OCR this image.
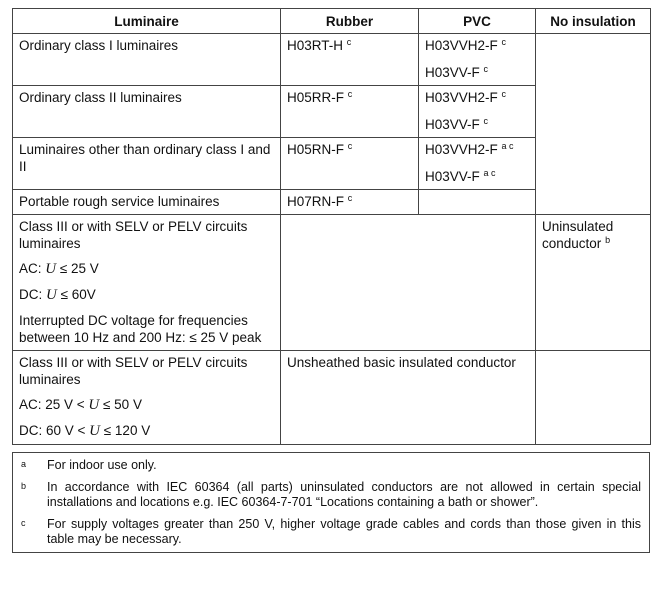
Luminaire	Rubber	PVC	No insulation
Ordinary class I luminaires	H03RT-H $^c$	H03VVH2-F $^c$
H03VV-F $^c$

Ordinary class II luminaires	H05RR-F $^c$	H03VVH2-F $^c$
H03VV-F $^c$

Luminaires other than ordinary class I and II	H05RN-F $^c$	H03VVH2-F $^{a c}$
H03VV-F $^{a c}$

Portable rough service luminaires	H07RN-F $^c$	

Class III or with SELV or PELV circuits luminaires
AC: U ≤ 25 V
DC: U ≤ 60V
Interrupted DC voltage for frequencies between 10 Hz and 200 Hz: ≤ 25 V peak			Uninsulated conductor $^b$

Class III or with SELV or PELV circuits luminaires
AC: 25 V < U ≤ 50 V
DC: 60 V < U ≤ 120 V	Unsheathed basic insulated conductor		
a	For indoor use only.
b	In accordance with IEC 60364 (all parts) uninsulated conductors are not allowed in certain special installations and locations e.g. IEC 60364-7-701 “Locations containing a bath or shower”.
c	For supply voltages greater than 250 V, higher voltage grade cables and cords than those given in this table may be necessary.
